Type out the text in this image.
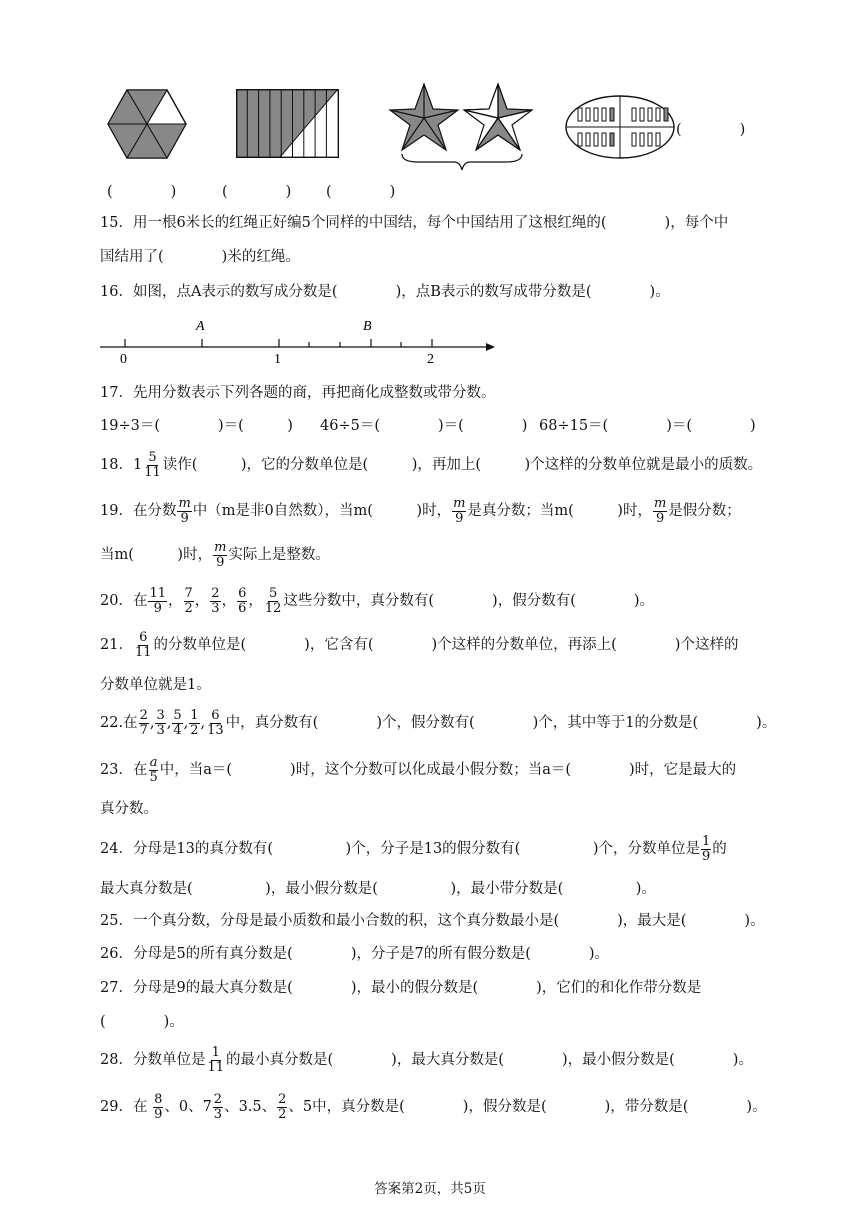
(　　　　)
(　　　　)	(　　　　) (　　　　)
15．用一根6米长的红绳正好编5个同样的中国结，每个中国结用了这根红绳的(　　　　)，每个中
国结用了(　　　　)米的红绳。
16．如图，点A表示的数写成分数是(　　　　)，点B表示的数写成带分数是(　　　　)。
A	B
0	1	2
17．先用分数表示下列各题的商，再把商化成整数或带分数。
19÷3＝(　　　　)＝(　　　) 46÷5＝(　　　　)＝(　　　　) 68÷15＝(　　　　)＝(　　　　)
18．$1 \frac{5}{11}$ 读作(　　　)，它的分数单位是(　　　)，再加上(　　　)个这样的分数单位就是最小的质数。
19．在分数 $\frac{m}{9}$ 中（m是非0自然数），当m(　　　)时， $\frac{m}{9}$ 是真分数；当m(　　　)时， $\frac{m}{9}$ 是假分数；
当m(　　　)时， $\frac{m}{9}$ 实际上是整数。
20．在 $\frac{11}{9}$ ， $\frac{7}{2}$ ， $\frac{2}{3}$ ， $\frac{6}{6}$ ， $\frac{5}{12}$ 这些分数中，真分数有(　　　　)，假分数有(　　　　)。
21． $\frac{6}{11}$ 的分数单位是(　　　　)，它含有(　　　　)个这样的分数单位，再添上(　　　　)个这样的
分数单位就是1。
22.在 $\frac{2}{7}$ , $\frac{3}{3}$ , $\frac{5}{4}$ , $\frac{1}{2}$ , $\frac{6}{13}$ 中，真分数有(　　　　)个，假分数有(　　　　)个，其中等于1的分数是(　　　　)。
23．在 $\frac{a}{5}$ 中，当a＝(　　　　)时，这个分数可以化成最小假分数；当a＝(　　　　)时，它是最大的
真分数。
24．分母是13的真分数有(　　　　　)个，分子是13的假分数有(　　　　　)个，分数单位是 $\frac{1}{9}$ 的
最大真分数是(　　　　　)，最小假分数是(　　　　　)，最小带分数是(　　　　　)。
25．一个真分数，分母是最小质数和最小合数的积，这个真分数最小是(　　　　)，最大是(　　　　)。
26．分母是5的所有真分数是(　　　　)，分子是7的所有假分数是(　　　　)。
27．分母是9的最大真分数是(　　　　)，最小的假分数是(　　　　)，它们的和化作带分数是
(　　　　)。
28．分数单位是 $\frac{1}{11}$ 的最小真分数是(　　　　)，最大真分数是(　　　　)，最小假分数是(　　　　)。
29．在 $\frac{8}{9}$ 、0、$7 \frac{2}{3}$ 、3.5、 $\frac{2}{2}$ 、5中，真分数是(　　　　)，假分数是(　　　　)，带分数是(　　　　)。
答案第2页，共5页
